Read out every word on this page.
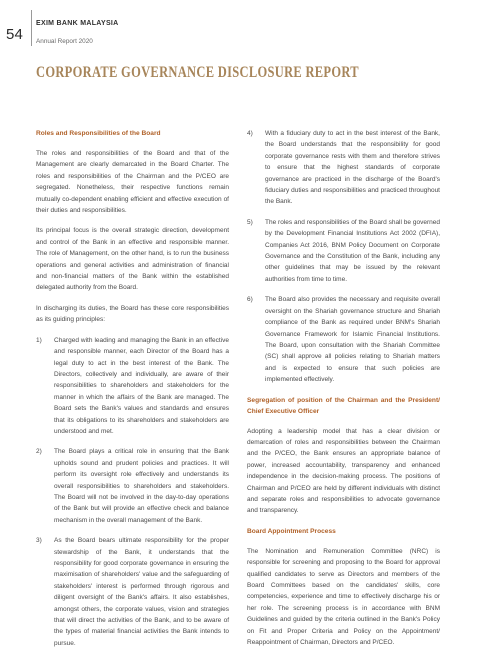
54
EXIM BANK MALAYSIA
Annual Report 2020
CORPORATE GOVERNANCE DISCLOSURE REPORT
Roles and Responsibilities of the Board

The roles and responsibilities of the Board and that of the Management are clearly demarcated in the Board Charter. The roles and responsibilities of the Chairman and the P/CEO are segregated. Nonetheless, their respective functions remain mutually co-dependent enabling efficient and effective execution of their duties and responsibilities.

Its principal focus is the overall strategic direction, development and control of the Bank in an effective and responsible manner. The role of Management, on the other hand, is to run the business operations and general activities and administration of financial and non-financial matters of the Bank within the established delegated authority from the Board.

In discharging its duties, the Board has these core responsibilities as its guiding principles:

1)	Charged with leading and managing the Bank in an effective and responsible manner, each Director of the Board has a legal duty to act in the best interest of the Bank. The Directors, collectively and individually, are aware of their responsibilities to shareholders and stakeholders for the manner in which the affairs of the Bank are managed. The Board sets the Bank's values and standards and ensures that its obligations to its shareholders and stakeholders are understood and met.
2)	The Board plays a critical role in ensuring that the Bank upholds sound and prudent policies and practices. It will perform its oversight role effectively and understands its overall responsibilities to shareholders and stakeholders. The Board will not be involved in the day-to-day operations of the Bank but will provide an effective check and balance mechanism in the overall management of the Bank.
3)	As the Board bears ultimate responsibility for the proper stewardship of the Bank, it understands that the responsibility for good corporate governance in ensuring the maximisation of shareholders' value and the safeguarding of stakeholders' interest is performed through rigorous and diligent oversight of the Bank's affairs. It also establishes, amongst others, the corporate values, vision and strategies that will direct the activities of the Bank, and to be aware of the types of material financial activities the Bank intends to pursue.
4)	With a fiduciary duty to act in the best interest of the Bank, the Board understands that the responsibility for good corporate governance rests with them and therefore strives to ensure that the highest standards of corporate governance are practiced in the discharge of the Board's fiduciary duties and responsibilities and practiced throughout the Bank.
5)	The roles and responsibilities of the Board shall be governed by the Development Financial Institutions Act 2002 (DFIA), Companies Act 2016, BNM Policy Document on Corporate Governance and the Constitution of the Bank, including any other guidelines that may be issued by the relevant authorities from time to time.
6)	The Board also provides the necessary and requisite overall oversight on the Shariah governance structure and Shariah compliance of the Bank as required under BNM's Shariah Governance Framework for Islamic Financial Institutions. The Board, upon consultation with the Shariah Committee (SC) shall approve all policies relating to Shariah matters and is expected to ensure that such policies are implemented effectively.
Segregation of position of the Chairman and the President/ Chief Executive Officer

Adopting a leadership model that has a clear division or demarcation of roles and responsibilities between the Chairman and the P/CEO, the Bank ensures an appropriate balance of power, increased accountability, transparency and enhanced independence in the decision-making process. The positions of Chairman and P/CEO are held by different individuals with distinct and separate roles and responsibilities to advocate governance and transparency.

Board Appointment Process

The Nomination and Remuneration Committee (NRC) is responsible for screening and proposing to the Board for approval qualified candidates to serve as Directors and members of the Board Committees based on the candidates' skills, core competencies, experience and time to effectively discharge his or her role. The screening process is in accordance with BNM Guidelines and guided by the criteria outlined in the Bank's Policy on Fit and Proper Criteria and Policy on the Appointment/ Reappointment of Chairman, Directors and P/CEO.
